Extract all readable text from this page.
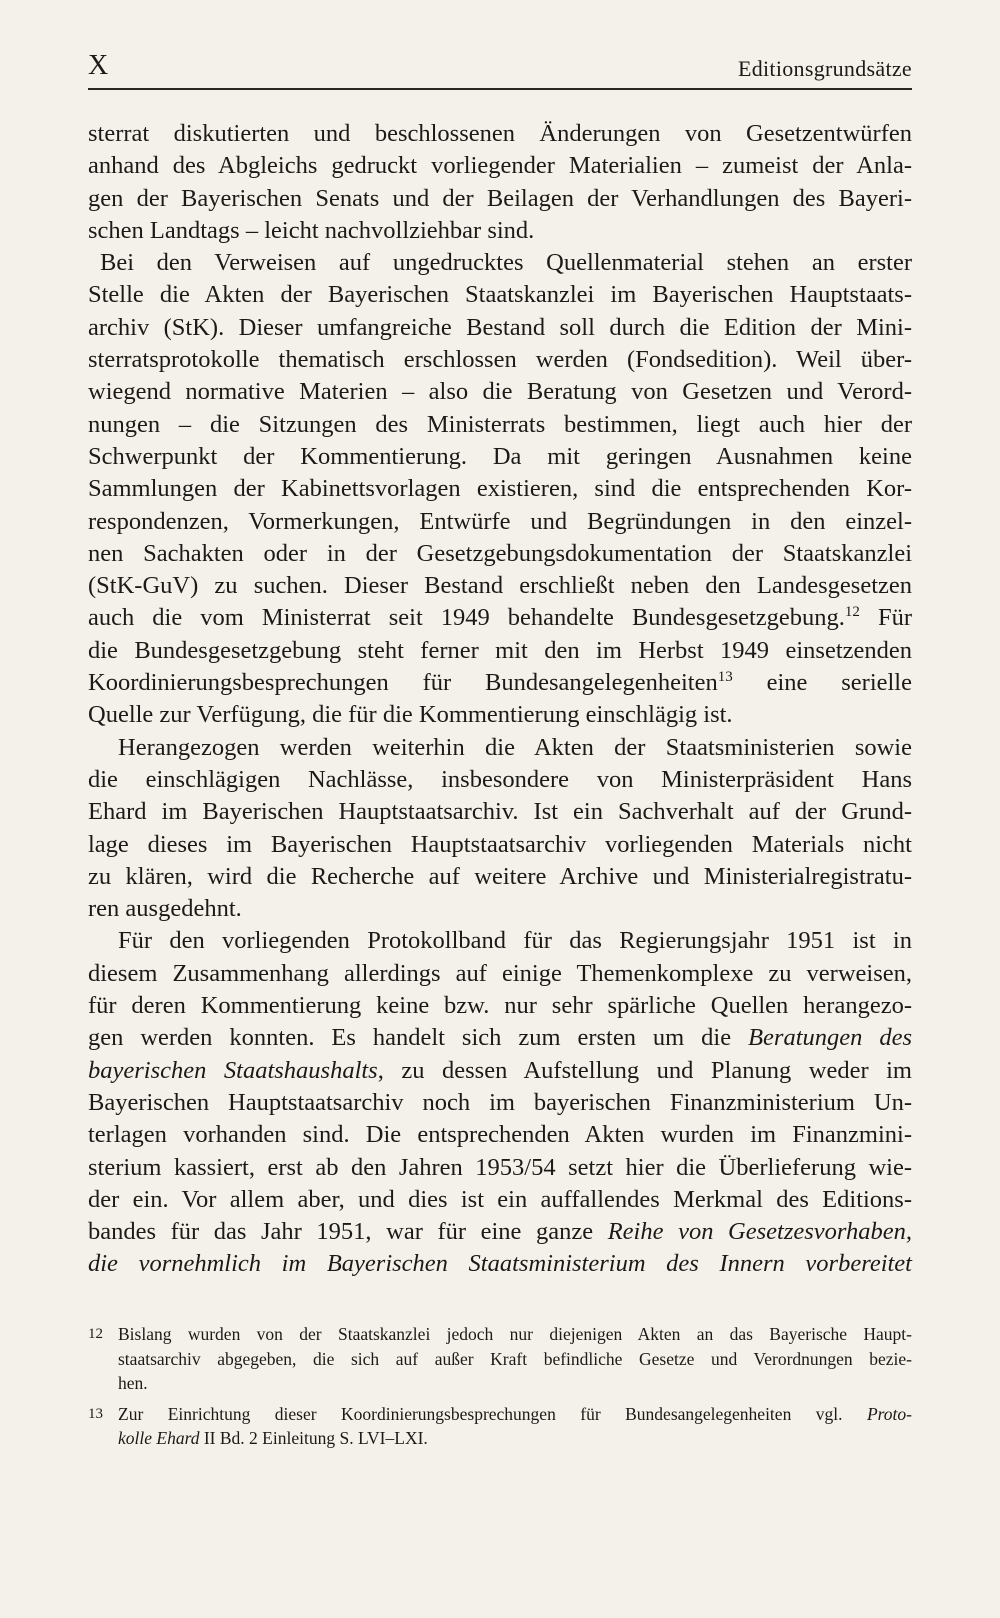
X	Editionsgrundsätze
sterrat diskutierten und beschlossenen Änderungen von Gesetzentwürfen
anhand des Abgleichs gedruckt vorliegender Materialien – zumeist der Anla-
gen der Bayerischen Senats und der Beilagen der Verhandlungen des Bayeri-
schen Landtags – leicht nachvollziehbar sind.
Bei den Verweisen auf ungedrucktes Quellenmaterial stehen an erster
Stelle die Akten der Bayerischen Staatskanzlei im Bayerischen Hauptstaats-
archiv (StK). Dieser umfangreiche Bestand soll durch die Edition der Mini-
sterratsprotokolle thematisch erschlossen werden (Fondsedition). Weil über-
wiegend normative Materien – also die Beratung von Gesetzen und Verord-
nungen – die Sitzungen des Ministerrats bestimmen, liegt auch hier der
Schwerpunkt der Kommentierung. Da mit geringen Ausnahmen keine
Sammlungen der Kabinettsvorlagen existieren, sind die entsprechenden Kor-
respondenzen, Vormerkungen, Entwürfe und Begründungen in den einzel-
nen Sachakten oder in der Gesetzgebungsdokumentation der Staatskanzlei
(StK-GuV) zu suchen. Dieser Bestand erschließt neben den Landesgesetzen
auch die vom Ministerrat seit 1949 behandelte Bundesgesetzgebung.$^{12}$ Für
die Bundesgesetzgebung steht ferner mit den im Herbst 1949 einsetzenden
Koordinierungsbesprechungen für Bundesangelegenheiten$^{13}$ eine serielle
Quelle zur Verfügung, die für die Kommentierung einschlägig ist.
Herangezogen werden weiterhin die Akten der Staatsministerien sowie
die einschlägigen Nachlässe, insbesondere von Ministerpräsident Hans
Ehard im Bayerischen Hauptstaatsarchiv. Ist ein Sachverhalt auf der Grund-
lage dieses im Bayerischen Hauptstaatsarchiv vorliegenden Materials nicht
zu klären, wird die Recherche auf weitere Archive und Ministerialregistratu-
ren ausgedehnt.
Für den vorliegenden Protokollband für das Regierungsjahr 1951 ist in
diesem Zusammenhang allerdings auf einige Themenkomplexe zu verweisen,
für deren Kommentierung keine bzw. nur sehr spärliche Quellen herangezo-
gen werden konnten. Es handelt sich zum ersten um die Beratungen des
bayerischen Staatshaushalts, zu dessen Aufstellung und Planung weder im
Bayerischen Hauptstaatsarchiv noch im bayerischen Finanzministerium Un-
terlagen vorhanden sind. Die entsprechenden Akten wurden im Finanzmini-
sterium kassiert, erst ab den Jahren 1953/54 setzt hier die Überlieferung wie-
der ein. Vor allem aber, und dies ist ein auffallendes Merkmal des Editions-
bandes für das Jahr 1951, war für eine ganze Reihe von Gesetzesvorhaben,
die vornehmlich im Bayerischen Staatsministerium des Innern vorbereitet
12 Bislang wurden von der Staatskanzlei jedoch nur diejenigen Akten an das Bayerische Haupt-
staatsarchiv abgegeben, die sich auf außer Kraft befindliche Gesetze und Verordnungen bezie-
hen.
13 Zur Einrichtung dieser Koordinierungsbesprechungen für Bundesangelegenheiten vgl. Proto-
kolle Ehard II Bd. 2 Einleitung S. LVI–LXI.
